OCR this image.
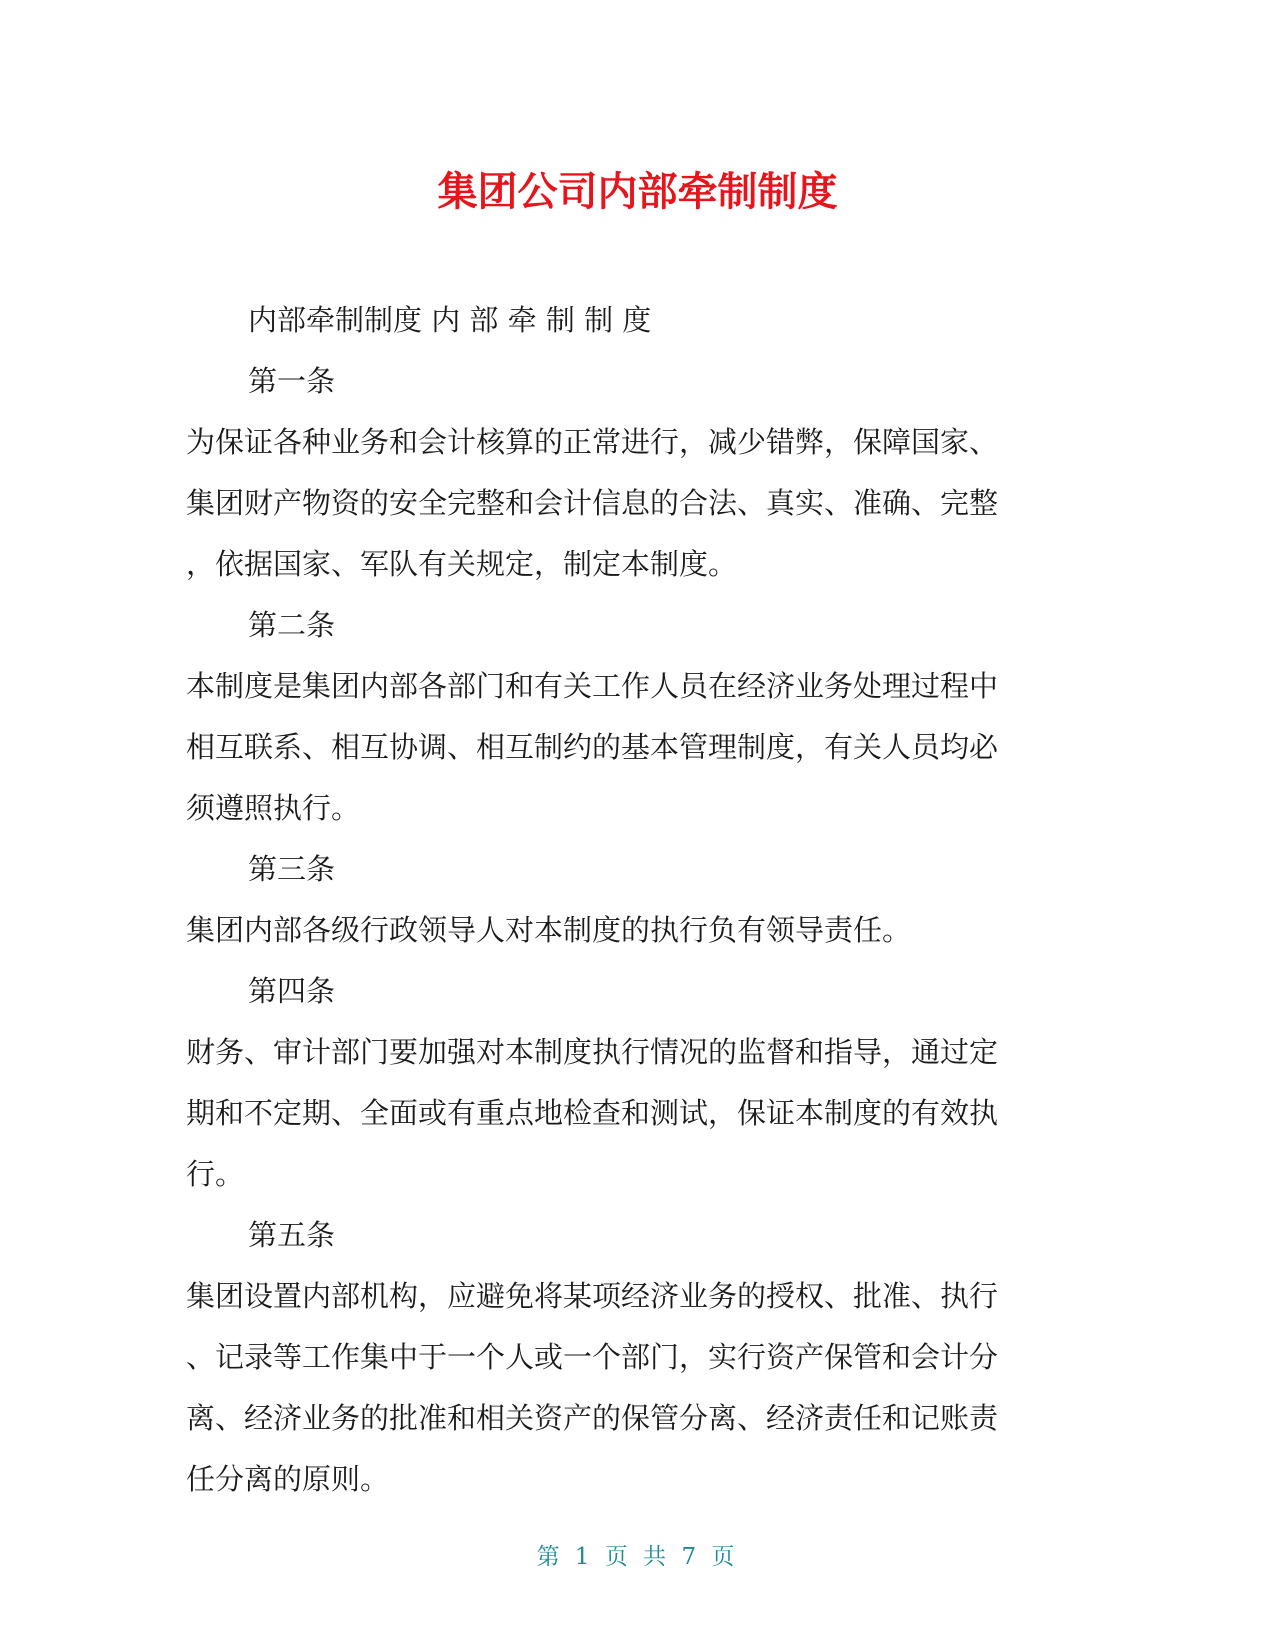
集团公司内部牵制制度
内部牵制制度 内 部 牵 制 制 度
第一条
为保证各种业务和会计核算的正常进行，减少错弊，保障国家、
集团财产物资的安全完整和会计信息的合法、真实、准确、完整
，依据国家、军队有关规定，制定本制度。
第二条
本制度是集团内部各部门和有关工作人员在经济业务处理过程中
相互联系、相互协调、相互制约的基本管理制度，有关人员均必
须遵照执行。
第三条
集团内部各级行政领导人对本制度的执行负有领导责任。
第四条
财务、审计部门要加强对本制度执行情况的监督和指导，通过定
期和不定期、全面或有重点地检查和测试，保证本制度的有效执
行。
第五条
集团设置内部机构，应避免将某项经济业务的授权、批准、执行
、记录等工作集中于一个人或一个部门，实行资产保管和会计分
离、经济业务的批准和相关资产的保管分离、经济责任和记账责
任分离的原则。
第 1 页 共 7 页
